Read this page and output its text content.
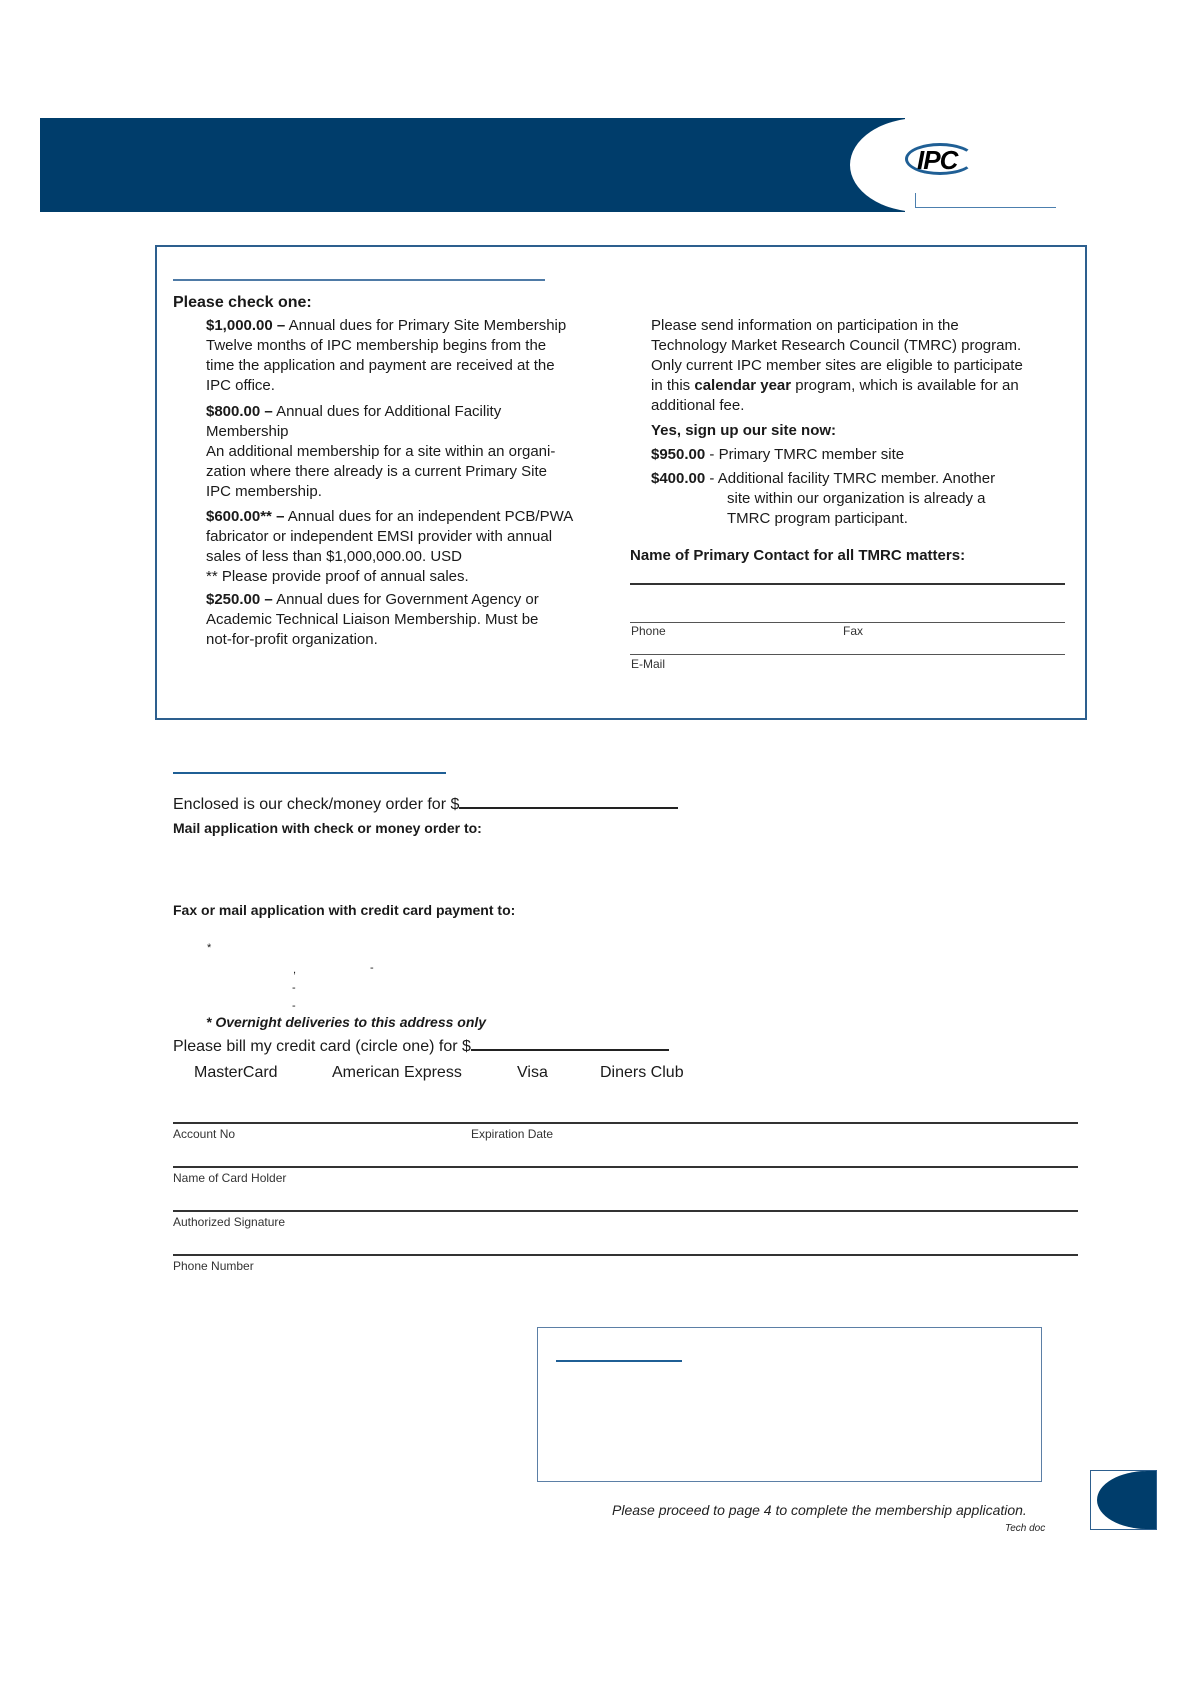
IPC
Please check one:
$1,000.00 – Annual dues for Primary Site Membership
Twelve months of IPC membership begins from the
time the application and payment are received at the
IPC office.
$800.00 – Annual dues for Additional Facility
Membership
An additional membership for a site within an organi-
zation where there already is a current Primary Site
IPC membership.
$600.00** – Annual dues for an independent PCB/PWA
fabricator or independent EMSI provider with annual
sales of less than $1,000,000.00. USD
** Please provide proof of annual sales.
$250.00 – Annual dues for Government Agency or
Academic Technical Liaison Membership. Must be
not-for-profit organization.
Please send information on participation in the
Technology Market Research Council (TMRC) program.
Only current IPC member sites are eligible to participate
in this calendar year program, which is available for an
additional fee.
Yes, sign up our site now:
$950.00 - Primary TMRC member site
$400.00 - Additional facility TMRC member. Another
site within our organization is already a
TMRC program participant.
Name of Primary Contact for all TMRC matters:
Phone	Fax
E-Mail
Enclosed is our check/money order for $
Mail application with check or money order to:
Fax or mail application with credit card payment to:
*
,	-
-
-
* Overnight deliveries to this address only
Please bill my credit card (circle one) for $
MasterCard	American Express	Visa	Diners Club
Account No	Expiration Date
Name of Card Holder
Authorized Signature
Phone Number
Please proceed to page 4 to complete the membership application.
Tech doc
